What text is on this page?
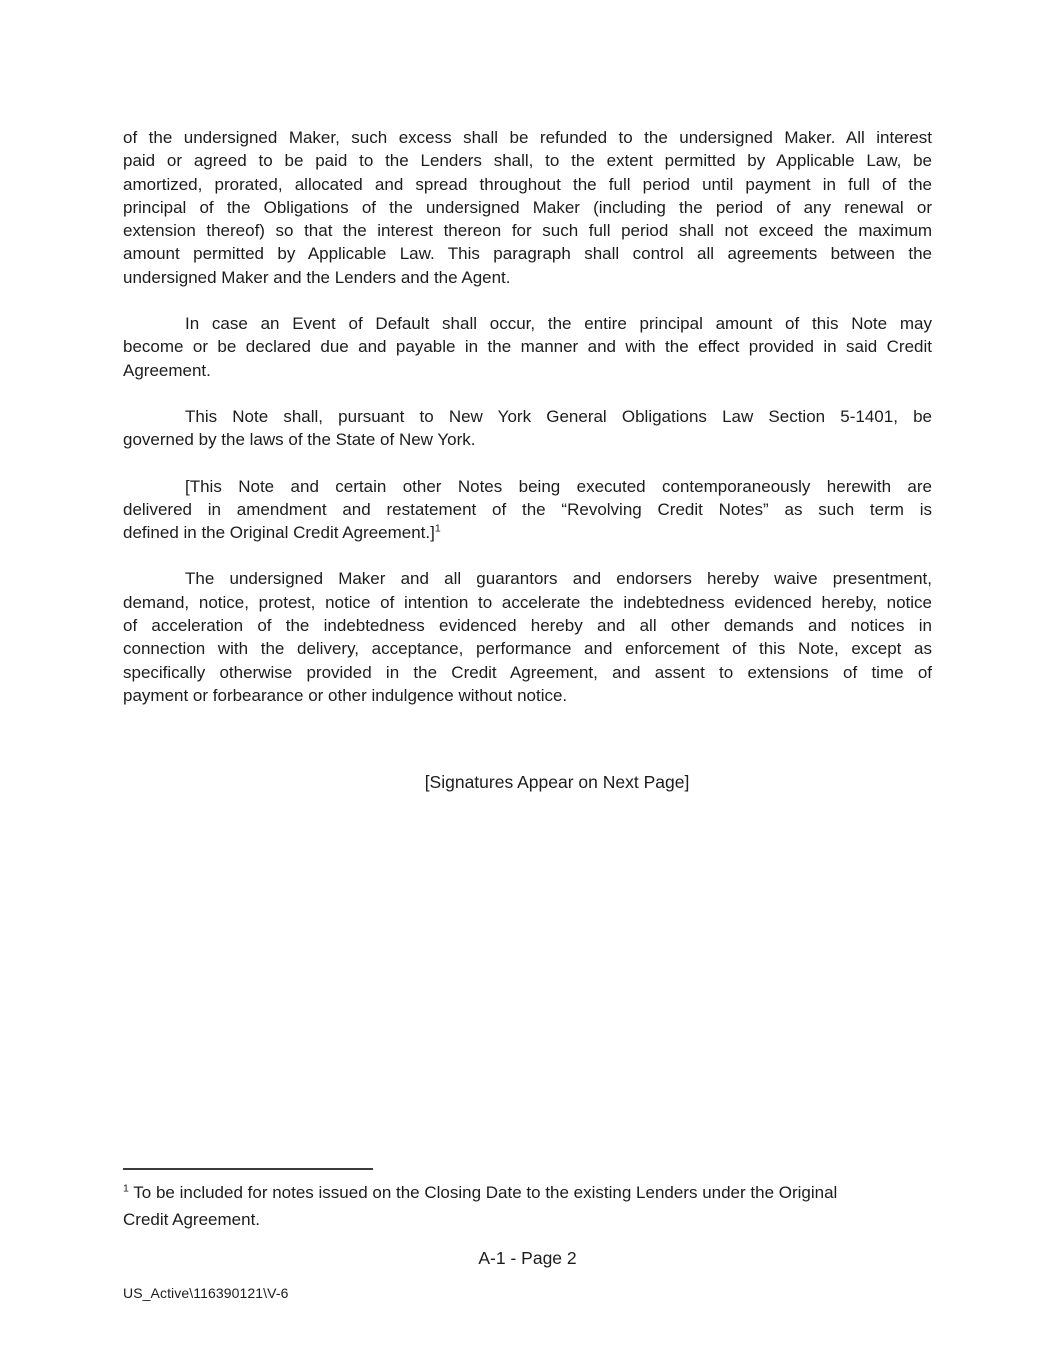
of the undersigned Maker, such excess shall be refunded to the undersigned Maker. All interest
paid or agreed to be paid to the Lenders shall, to the extent permitted by Applicable Law, be
amortized, prorated, allocated and spread throughout the full period until payment in full of the
principal of the Obligations of the undersigned Maker (including the period of any renewal or
extension thereof) so that the interest thereon for such full period shall not exceed the maximum
amount permitted by Applicable Law. This paragraph shall control all agreements between the
undersigned Maker and the Lenders and the Agent.
In case an Event of Default shall occur, the entire principal amount of this Note may
become or be declared due and payable in the manner and with the effect provided in said Credit
Agreement.
This Note shall, pursuant to New York General Obligations Law Section 5-1401, be
governed by the laws of the State of New York.
[This Note and certain other Notes being executed contemporaneously herewith are
delivered in amendment and restatement of the “Revolving Credit Notes” as such term is
defined in the Original Credit Agreement.]$^1$
The undersigned Maker and all guarantors and endorsers hereby waive presentment,
demand, notice, protest, notice of intention to accelerate the indebtedness evidenced hereby, notice
of acceleration of the indebtedness evidenced hereby and all other demands and notices in
connection with the delivery, acceptance, performance and enforcement of this Note, except as
specifically otherwise provided in the Credit Agreement, and assent to extensions of time of
payment or forbearance or other indulgence without notice.
[Signatures Appear on Next Page]
$^1$ To be included for notes issued on the Closing Date to the existing Lenders under the Original
Credit Agreement.
A-1 - Page 2
US_Active\116390121\V-6
